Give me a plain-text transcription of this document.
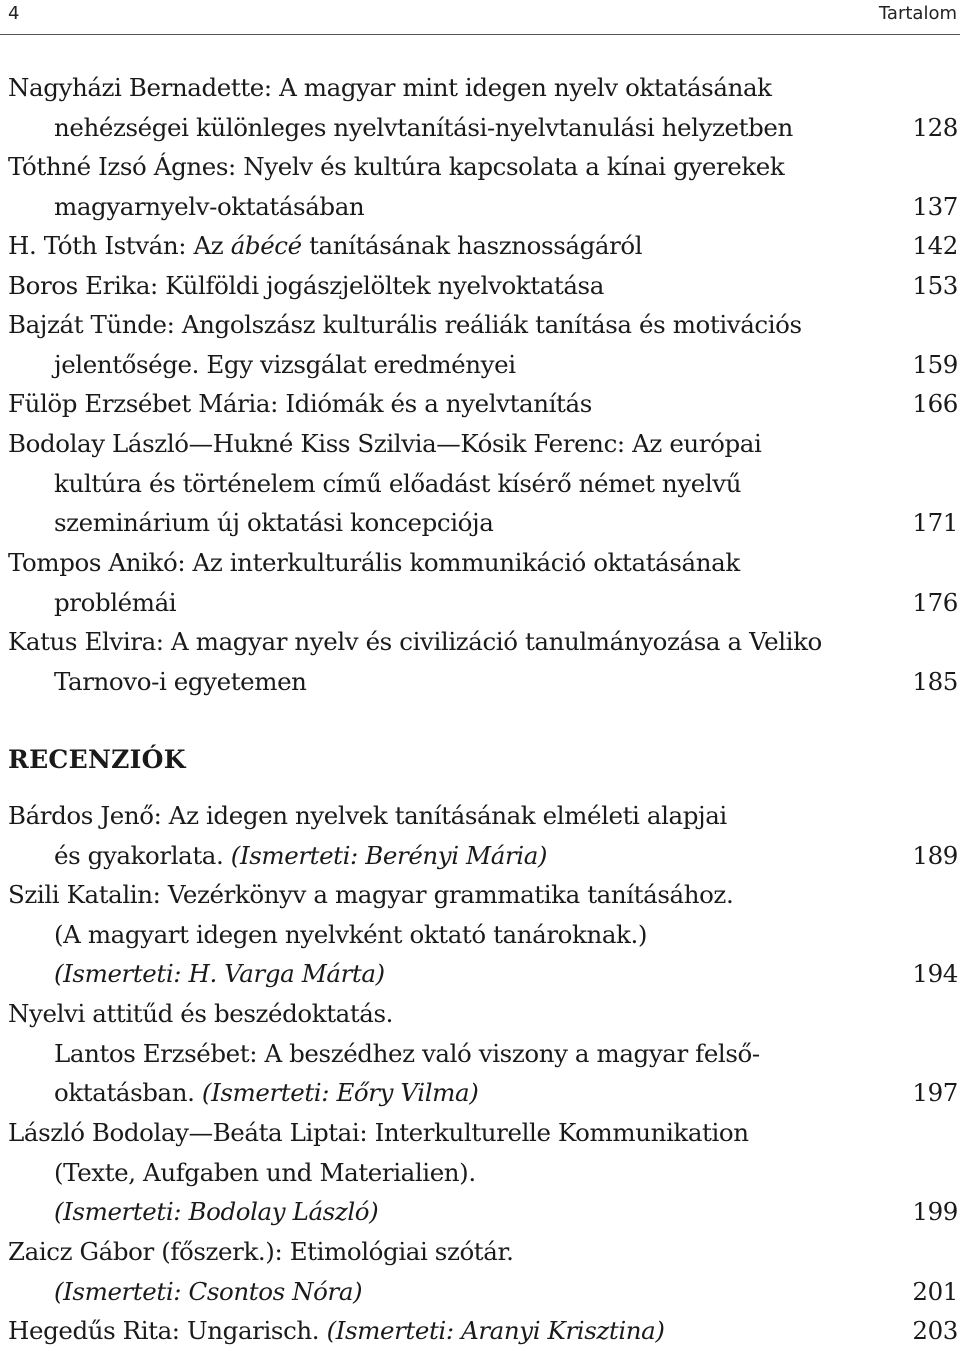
4	Tartalom
Nagyházi Bernadette: A magyar mint idegen nyelv oktatásának
nehézségei különleges nyelvtanítási-nyelvtanulási helyzetben	128
Tóthné Izsó Ágnes: Nyelv és kultúra kapcsolata a kínai gyerekek
magyarnyelv-oktatásában	137
H. Tóth István: Az ábécé tanításának hasznosságáról	142
Boros Erika: Külföldi jogászjelöltek nyelvoktatása	153
Bajzát Tünde: Angolszász kulturális reáliák tanítása és motivációs
jelentősége. Egy vizsgálat eredményei	159
Fülöp Erzsébet Mária: Idiómák és a nyelvtanítás	166
Bodolay László—Hukné Kiss Szilvia—Kósik Ferenc: Az európai
kultúra és történelem című előadást kísérő német nyelvű
szeminárium új oktatási koncepciója	171
Tompos Anikó: Az interkulturális kommunikáció oktatásának
problémái	176
Katus Elvira: A magyar nyelv és civilizáció tanulmányozása a Veliko
Tarnovo-i egyetemen	185
Bárdos Jenő: Az idegen nyelvek tanításának elméleti alapjai
és gyakorlata. (Ismerteti: Berényi Mária)	189
Szili Katalin: Vezérkönyv a magyar grammatika tanításához.
(A magyart idegen nyelvként oktató tanároknak.)
(Ismerteti: H. Varga Márta)	194
Nyelvi attitűd és beszédoktatás.
Lantos Erzsébet: A beszédhez való viszony a magyar felső-
oktatásban. (Ismerteti: Eőry Vilma)	197
László Bodolay—Beáta Liptai: Interkulturelle Kommunikation
(Texte, Aufgaben und Materialien).
(Ismerteti: Bodolay László)	199
Zaicz Gábor (főszerk.): Etimológiai szótár.
(Ismerteti: Csontos Nóra)	201
Hegedűs Rita: Ungarisch. (Ismerteti: Aranyi Krisztina)	203
RECENZIÓK
